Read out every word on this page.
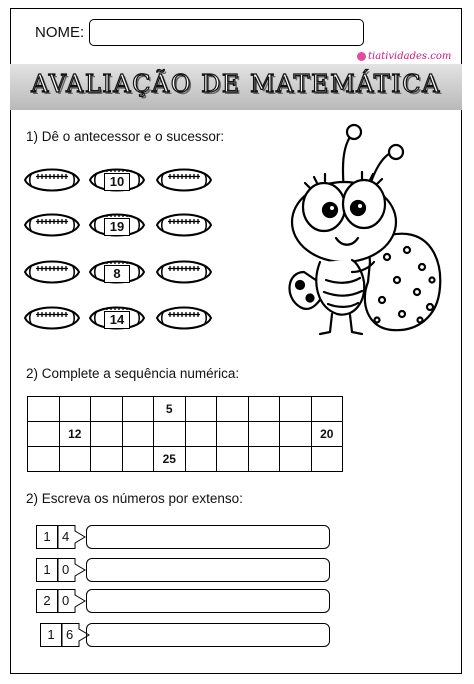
NOME:
tiatividades.com
AVALIAÇÃO DE MATEMÁTICA
1) Dê o antecessor e o sucessor:
10
19
8
14
2) Complete a sequência numérica:
				5					
	12								20
				25					
2) Escreva os números por extenso:
1 4
1 0
2 0
1 6
